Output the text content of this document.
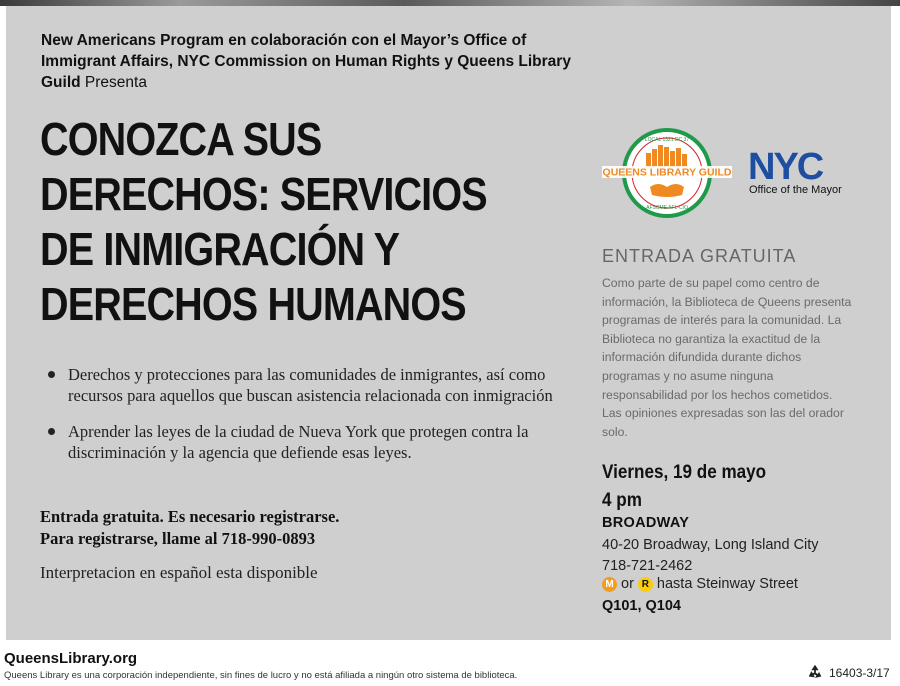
New Americans Program en colaboración con el Mayor’s Office of Immigrant Affairs, NYC Commission on Human Rights y Queens Library Guild Presenta
CONOZCA SUS
DERECHOS: SERVICIOS
DE INMIGRACIÓN Y
DERECHOS HUMANOS
Derechos y protecciones para las comunidades de inmigrantes, así como recursos para aquellos que buscan asistencia relacionada con inmigración
Aprender las leyes de la ciudad de Nueva York que protegen contra la discriminación y la agencia que defiende esas leyes.
Entrada gratuita. Es necesario registrarse.
Para registrarse, llame al 718-990-0893
Interpretacion en español esta disponible
LOCAL 1321 DC 37
QUEENS LIBRARY GUILD
AFSCME AFL-CIO
NYC
Office of the Mayor
ENTRADA GRATUITA
Como parte de su papel como centro de información, la Biblioteca de Queens presenta programas de interés para la comunidad. La Biblioteca no garantiza la exactitud de la información difundida durante dichos programas y no asume ninguna responsabilidad por los hechos cometidos. Las opiniones expresadas son las del orador solo.
Viernes, 19 de mayo
4 pm
BROADWAY
40-20 Broadway, Long Island City
718-721-2462
M or R hasta Steinway Street
Q101, Q104
QueensLibrary.org
Queens Library es una corporación independiente, sin fines de lucro y no está afiliada a ningún otro sistema de biblioteca.	16403-3/17
